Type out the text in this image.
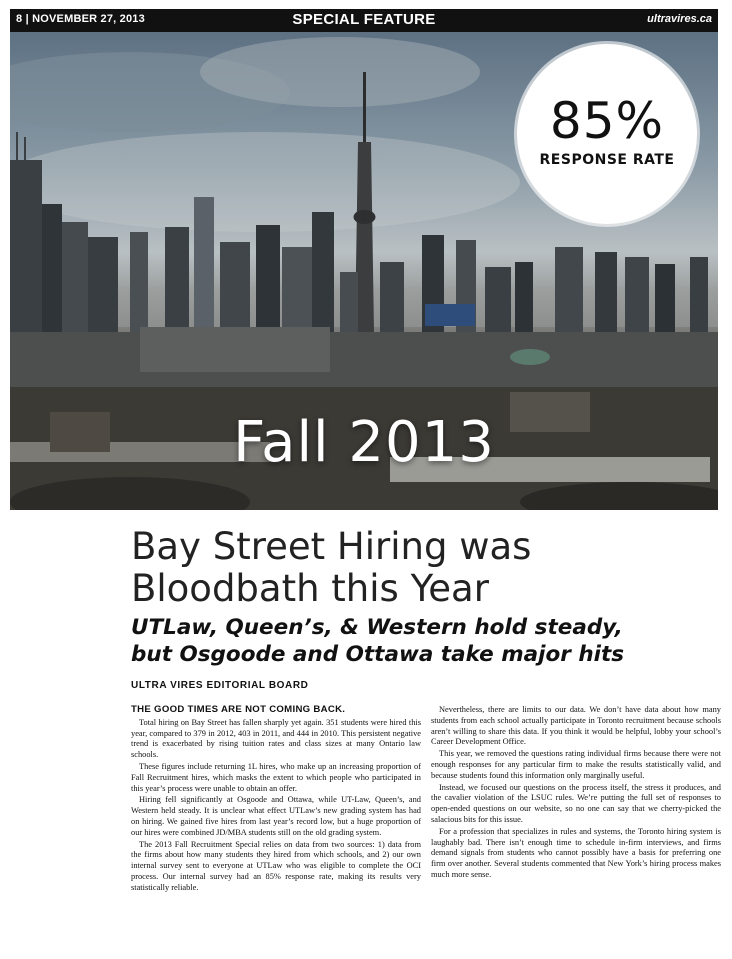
8 | NOVEMBER 27, 2013	SPECIAL FEATURE	ultravires.ca
Fall 2013
85%
RESPONSE RATE
Bay Street Hiring was
Bloodbath this Year
UTLaw, Queen’s, & Western hold steady,
but Osgoode and Ottawa take major hits
ULTRA VIRES EDITORIAL BOARD
THE GOOD TIMES ARE NOT COMING BACK.

Total hiring on Bay Street has fallen sharply yet again. 351 students were hired this year, compared to 379 in 2012, 403 in 2011, and 444 in 2010. This persistent negative trend is exacerbated by rising tuition rates and class sizes at many Ontario law schools.

These figures include returning 1L hires, who make up an increasing proportion of Fall Recruitment hires, which masks the extent to which people who participated in this year’s process were unable to obtain an offer.

Hiring fell significantly at Osgoode and Ottawa, while UT-Law, Queen’s, and Western held steady. It is unclear what effect UTLaw’s new grading system has had on hiring. We gained five hires from last year’s record low, but a huge proportion of our hires were combined JD/MBA students still on the old grading system.

The 2013 Fall Recruitment Special relies on data from two sources: 1) data from the firms about how many students they hired from which schools, and 2) our own internal survey sent to everyone at UTLaw who was eligible to complete the OCI process. Our internal survey had an 85% response rate, making its results very statistically reliable.

Nevertheless, there are limits to our data. We don’t have data about how many students from each school actually participate in Toronto recruitment because schools aren’t willing to share this data. If you think it would be helpful, lobby your school’s Career Development Office.

This year, we removed the questions rating individual firms because there were not enough responses for any particular firm to make the results statistically valid, and because students found this information only marginally useful.

Instead, we focused our questions on the process itself, the stress it produces, and the cavalier violation of the LSUC rules. We’re putting the full set of responses to open-ended questions on our website, so no one can say that we cherry-picked the salacious bits for this issue.

For a profession that specializes in rules and systems, the Toronto hiring system is laughably bad. There isn’t enough time to schedule in-firm interviews, and firms demand signals from students who cannot possibly have a basis for preferring one firm over another. Several students commented that New York’s hiring process makes much more sense.
